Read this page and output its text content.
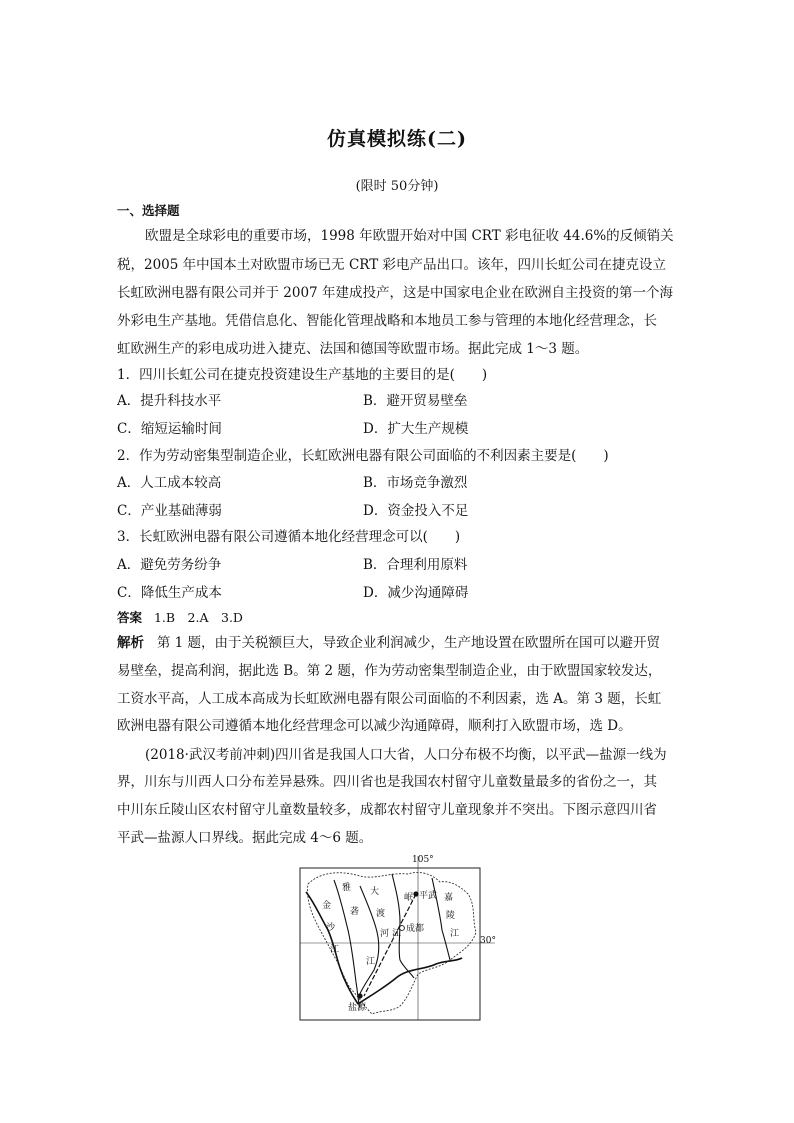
仿真模拟练(二)
(限时 50分钟)
一、选择题
欧盟是全球彩电的重要市场，1998 年欧盟开始对中国 CRT 彩电征收 44.6%的反倾销关
税，2005 年中国本土对欧盟市场已无 CRT 彩电产品出口。该年，四川长虹公司在捷克设立
长虹欧洲电器有限公司并于 2007 年建成投产，这是中国家电企业在欧洲自主投资的第一个海
外彩电生产基地。凭借信息化、智能化管理战略和本地员工参与管理的本地化经营理念，长
虹欧洲生产的彩电成功进入捷克、法国和德国等欧盟市场。据此完成 1～3 题。
1．四川长虹公司在捷克投资建设生产基地的主要目的是(　　)
A．提升科技水平	B．避开贸易壁垒
C．缩短运输时间	D．扩大生产规模
2．作为劳动密集型制造企业，长虹欧洲电器有限公司面临的不利因素主要是(　　)
A．人工成本较高	B．市场竞争激烈
C．产业基础薄弱	D．资金投入不足
3．长虹欧洲电器有限公司遵循本地化经营理念可以(　　)
A．避免劳务纷争	B．合理利用原料
C．降低生产成本	D．减少沟通障碍
答案 1.B　2.A　3.D
解析 第 1 题，由于关税额巨大，导致企业利润减少，生产地设置在欧盟所在国可以避开贸
易壁垒，提高利润，据此选 B。第 2 题，作为劳动密集型制造企业，由于欧盟国家较发达，
工资水平高，人工成本高成为长虹欧洲电器有限公司面临的不利因素，选 A。第 3 题，长虹
欧洲电器有限公司遵循本地化经营理念可以减少沟通障碍，顺利打入欧盟市场，选 D。
(2018·武汉考前冲刺)四川省是我国人口大省，人口分布极不均衡，以平武—盐源一线为
界，川东与川西人口分布差异悬殊。四川省也是我国农村留守儿童数量最多的省份之一，其
中川东丘陵山区农村留守儿童数量较多，成都农村留守儿童现象并不突出。下图示意四川省
平武—盐源人口界线。据此完成 4～6 题。
105°
30°
平武
成都
盐源
金
沙
江
雅
砻
江
大
渡
河
岷
江
嘉
陵
江
